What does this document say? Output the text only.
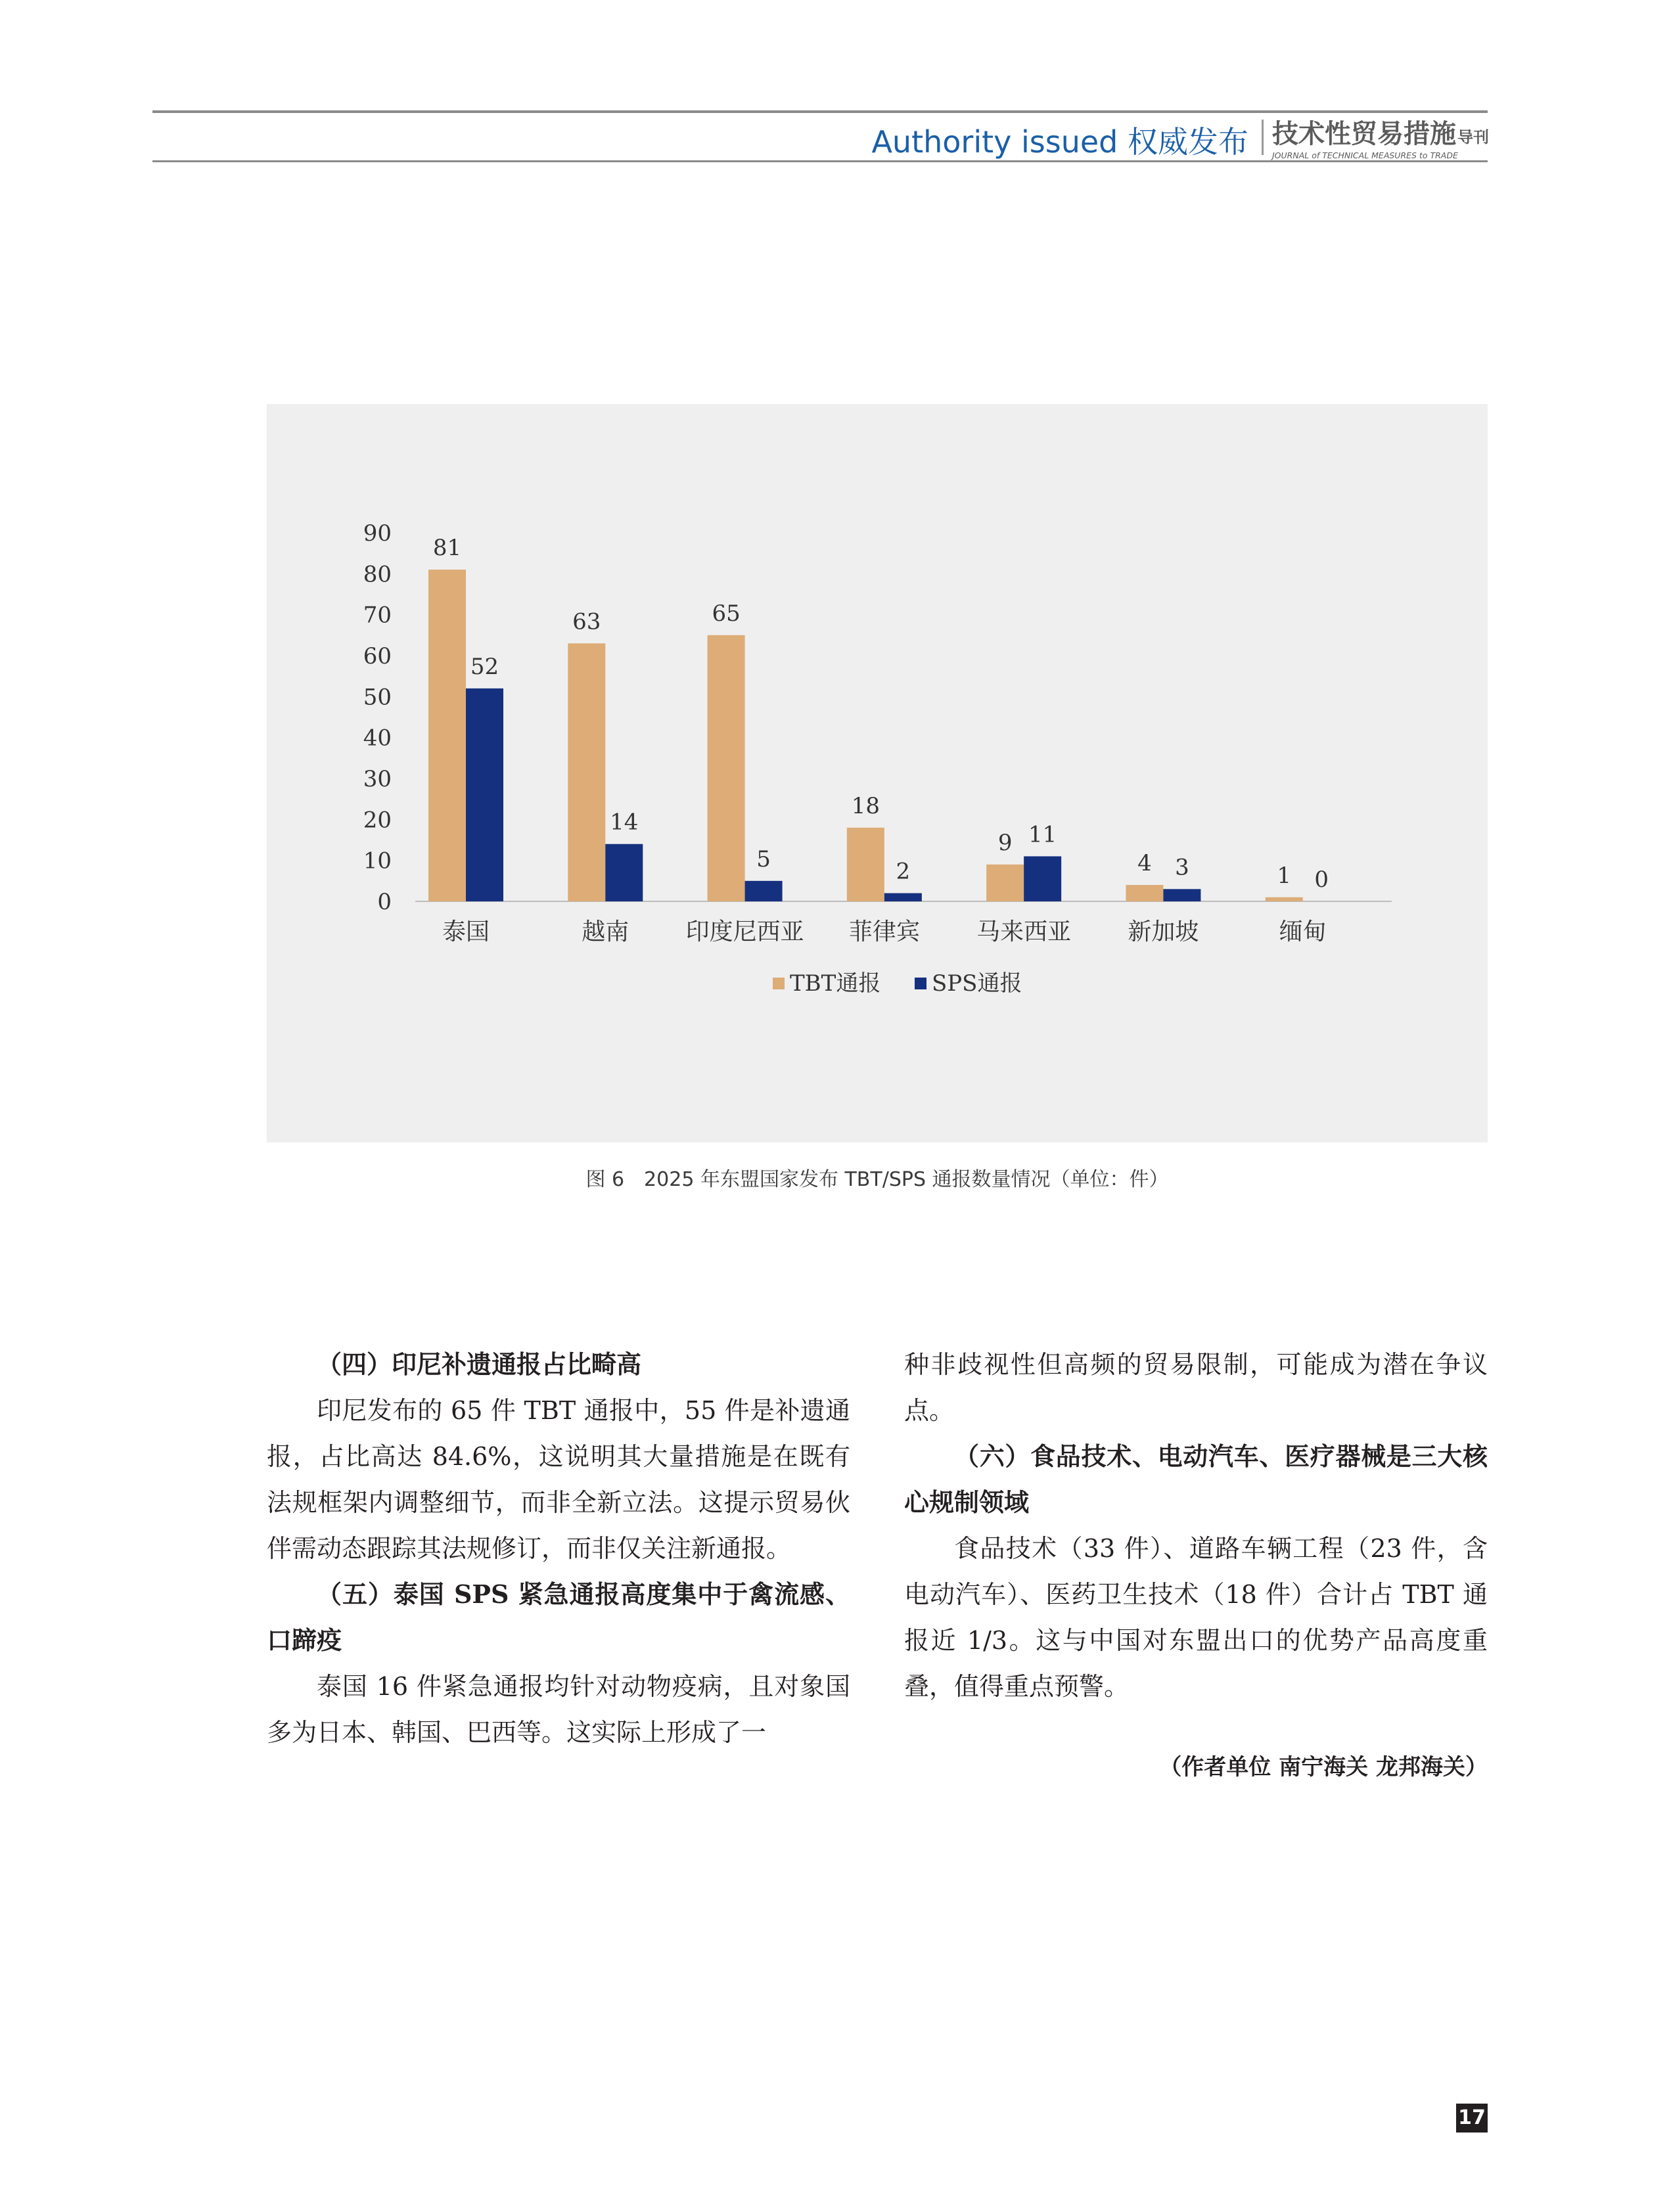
Authority issued 权威发布 技术性贸易措施导刊
JOURNAL of TECHNICAL MEASURES to TRADE
0
10
20
30
40
50
60
70
80
90
81
52
泰国
63
14
越南
65
5
印度尼西亚
18
2
菲律宾
9 11
马来西亚
4 3
新加坡
1 0
缅甸
TBT通报 SPS通报
图 6　2025 年东盟国家发布 TBT/SPS 通报数量情况（单位：件）

（四）印尼补遗通报占比畸高

印尼发布的 65 件 TBT 通报中，55 件是补遗通报，占比高达 84.6%，这说明其大量措施是在既有法规框架内调整细节，而非全新立法。这提示贸易伙伴需动态跟踪其法规修订，而非仅关注新通报。

（五）泰国 SPS 紧急通报高度集中于禽流感、口蹄疫

泰国 16 件紧急通报均针对动物疫病，且对象国多为日本、韩国、巴西等。这实际上形成了一

种非歧视性但高频的贸易限制，可能成为潜在争议点。

（六）食品技术、电动汽车、医疗器械是三大核心规制领域

食品技术（33 件）、道路车辆工程（23 件，含电动汽车）、医药卫生技术（18 件）合计占 TBT 通报近 1/3。这与中国对东盟出口的优势产品高度重叠，值得重点预警。

（作者单位 南宁海关 龙邦海关）
17
